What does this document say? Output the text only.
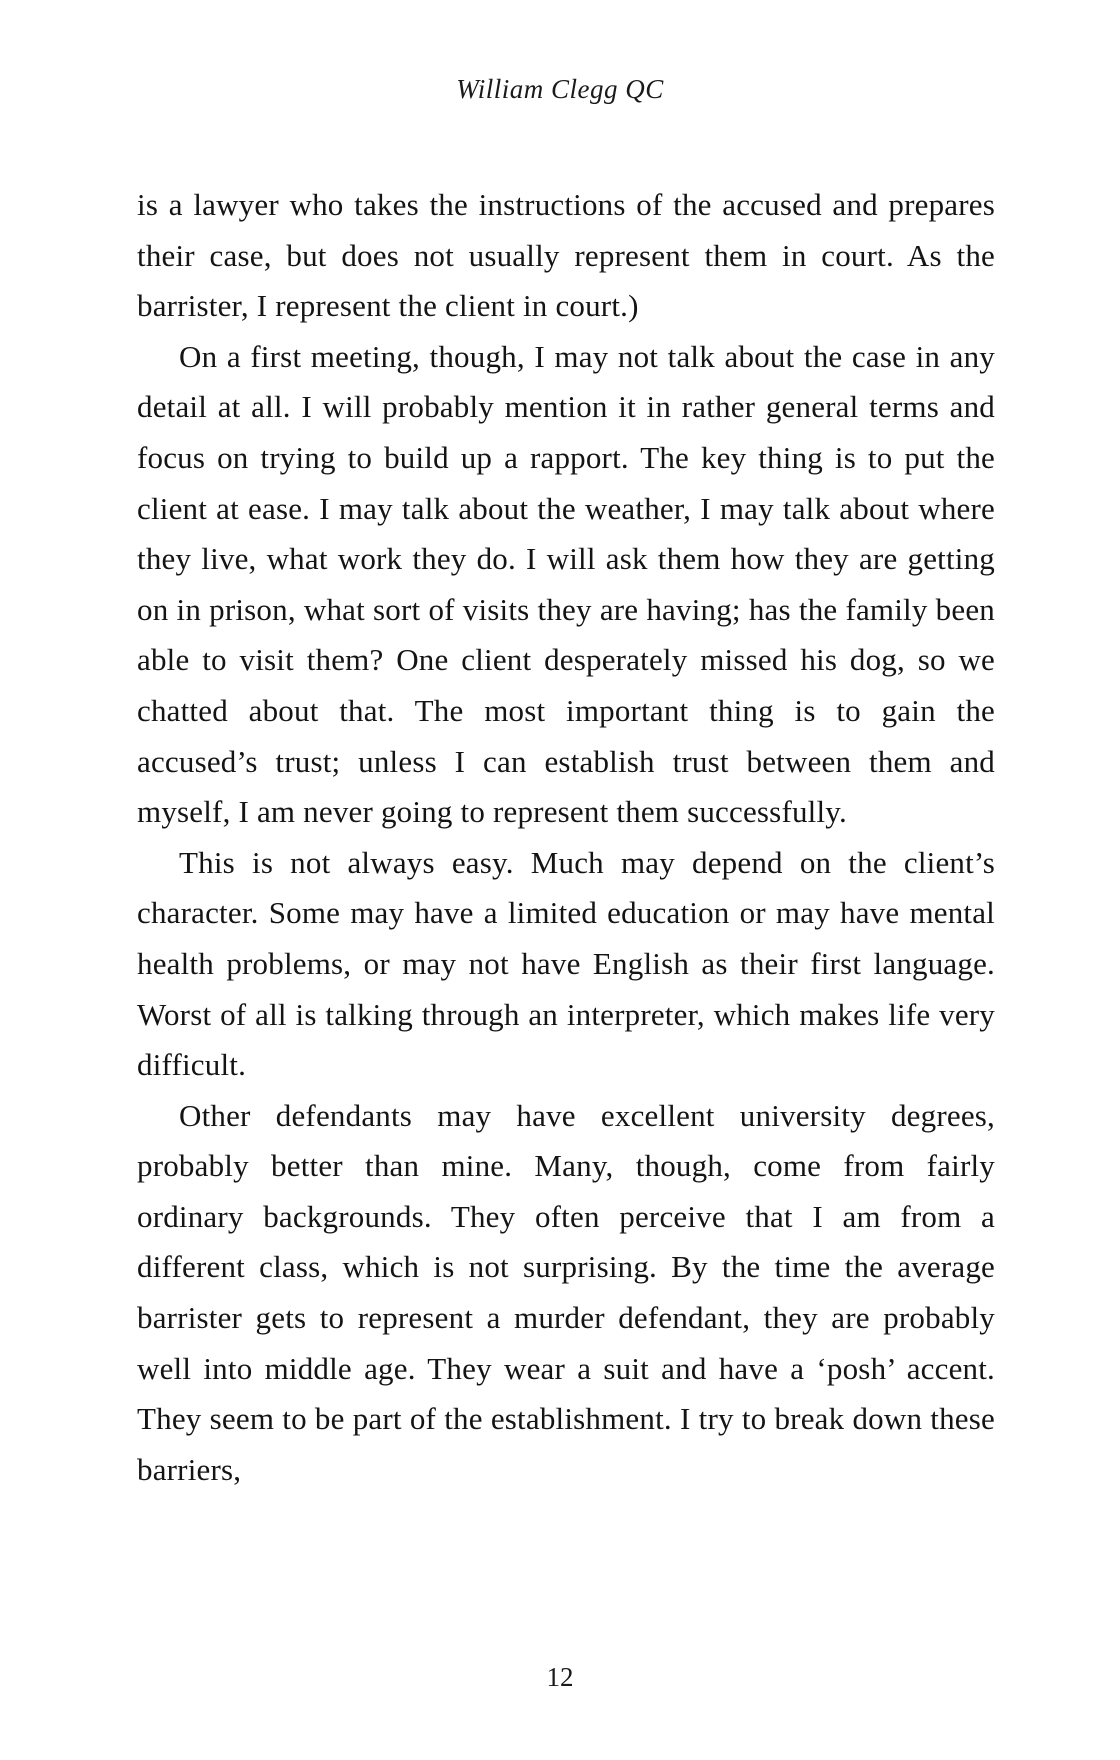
William Clegg QC

is a lawyer who takes the instructions of the accused and prepares their case, but does not usually represent them in court. As the barrister, I represent the client in court.)

On a first meeting, though, I may not talk about the case in any detail at all. I will probably mention it in rather general terms and focus on trying to build up a rapport. The key thing is to put the client at ease. I may talk about the weather, I may talk about where they live, what work they do. I will ask them how they are getting on in prison, what sort of visits they are having; has the family been able to visit them? One client desperately missed his dog, so we chatted about that. The most important thing is to gain the accused’s trust; unless I can establish trust between them and myself, I am never going to represent them successfully.

This is not always easy. Much may depend on the client’s character. Some may have a limited education or may have mental health problems, or may not have English as their first language. Worst of all is talking through an interpreter, which makes life very difficult.

Other defendants may have excellent university degrees, probably better than mine. Many, though, come from fairly ordinary backgrounds. They often perceive that I am from a different class, which is not surprising. By the time the average barrister gets to represent a murder defendant, they are probably well into middle age. They wear a suit and have a ‘posh’ accent. They seem to be part of the establishment. I try to break down these barriers,

12
